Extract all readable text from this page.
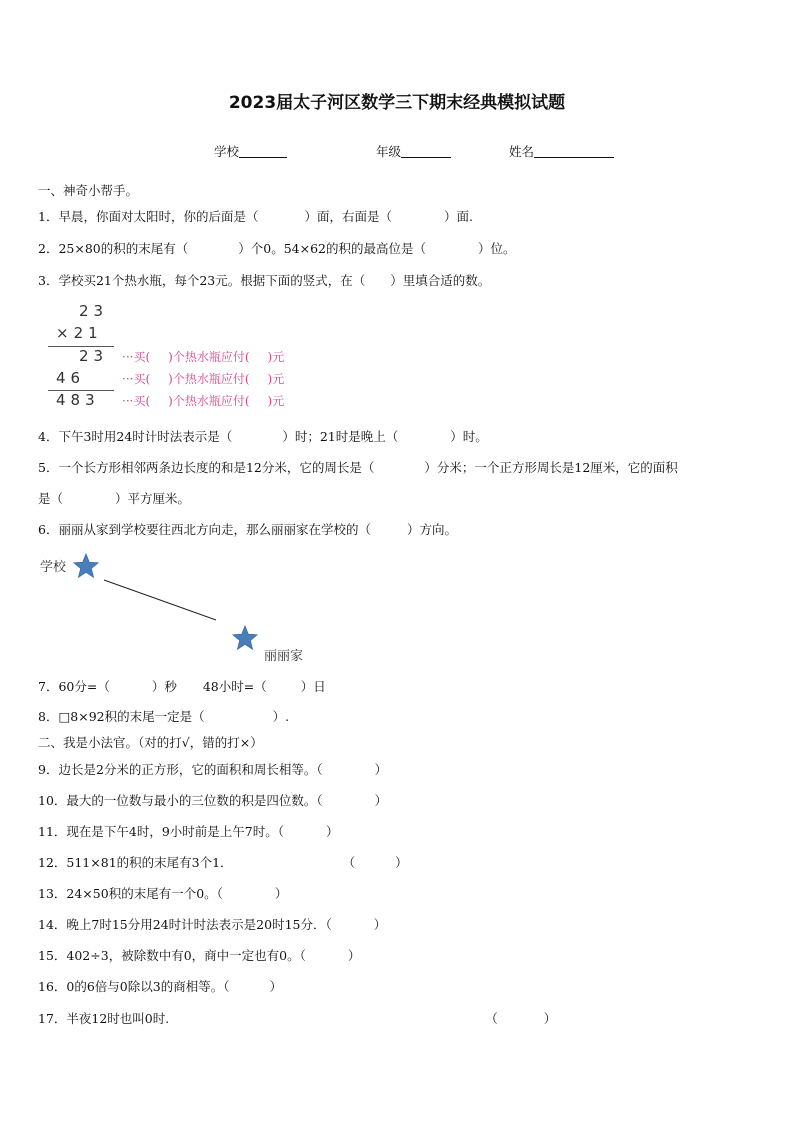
2023届太子河区数学三下期末经典模拟试题
学校	年级	姓名
一、神奇小帮手。
1．早晨，你面对太阳时，你的后面是（	）面，右面是（	）面.
2．25×80的积的末尾有（	）个0。54×62的积的最高位是（	）位。
3．学校买21个热水瓶，每个23元。根据下面的竖式，在（　　）里填合适的数。
23
×21
23
46
483
···买( )个热水瓶应付( )元
···买( )个热水瓶应付( )元
···买( )个热水瓶应付( )元
4．下午3时用24时计时法表示是（	）时；21时是晚上（	）时。
5．一个长方形相邻两条边长度的和是12分米，它的周长是（	）分米；一个正方形周长是12厘米，它的面积
是（	）平方厘米。
6．丽丽从家到学校要往西北方向走，那么丽丽家在学校的（	）方向。
学校
丽丽家
7．60分=（	）秒 48小时=（	）日
8．□8×92积的末尾一定是（	）.
二、我是小法官。（对的打√，错的打×）
9．边长是2分米的正方形，它的面积和周长相等。（	）
10．最大的一位数与最小的三位数的积是四位数。（	）
11．现在是下午4时，9小时前是上午7时。（	）
12．511×81的积的末尾有3个1．	（	）
13．24×50积的末尾有一个0。（	）
14．晚上7时15分用24时计时法表示是20时15分．（	）
15．402÷3，被除数中有0，商中一定也有0。（	）
16．0的6倍与0除以3的商相等。（	）
17．半夜12时也叫0时.	（	）
